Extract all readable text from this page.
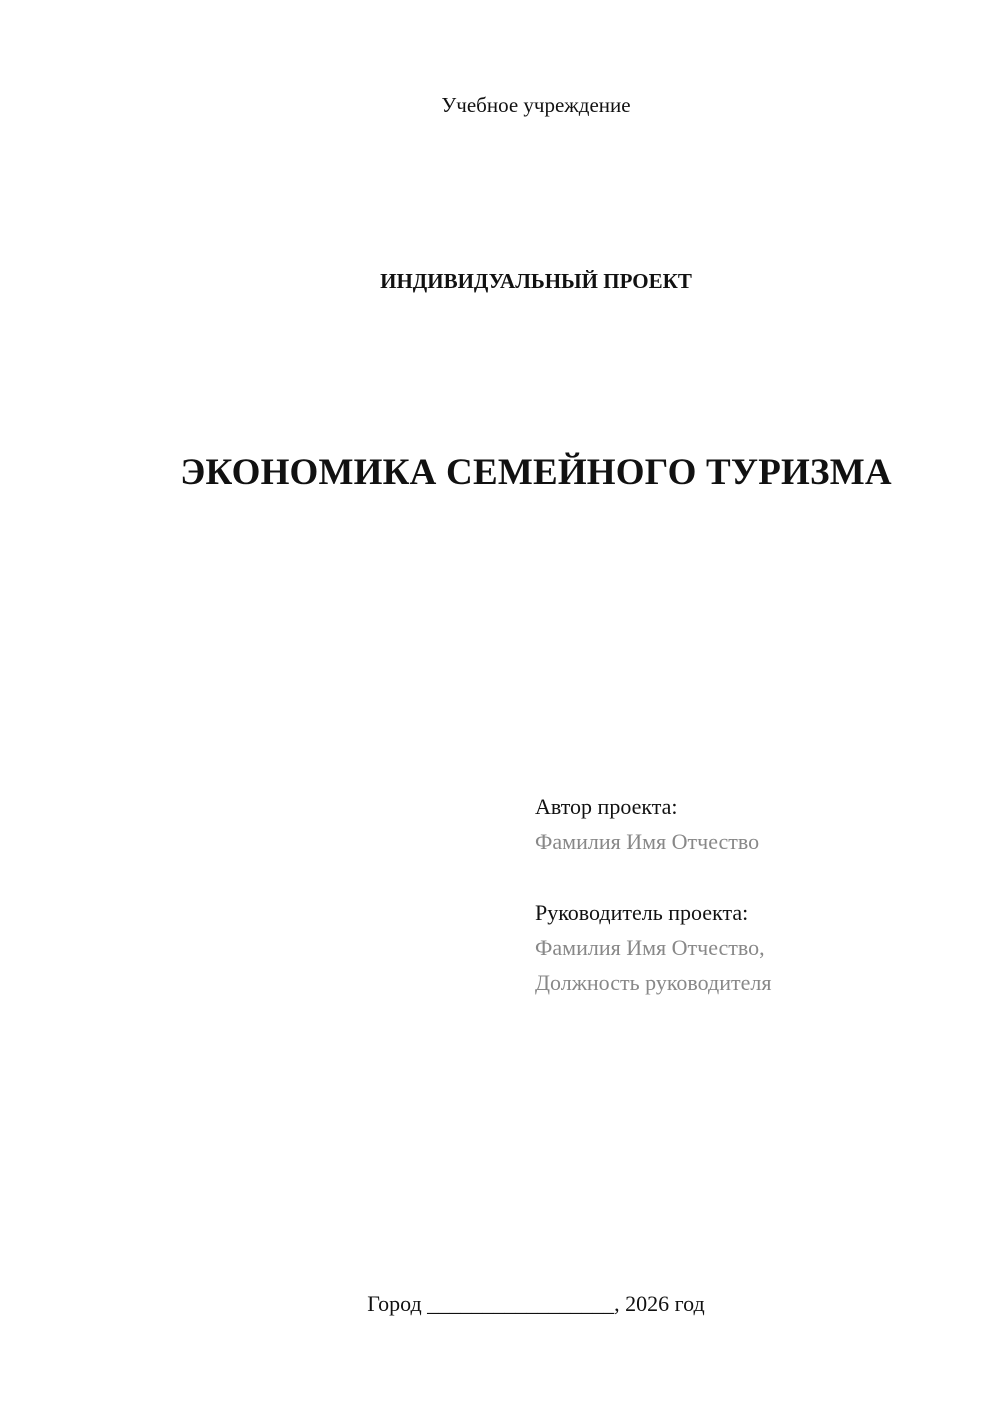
Учебное учреждение
ИНДИВИДУАЛЬНЫЙ ПРОЕКТ
ЭКОНОМИКА СЕМЕЙНОГО ТУРИЗМА
Автор проекта:
Фамилия Имя Отчество
Руководитель проекта:
Фамилия Имя Отчество,
Должность руководителя
Город _________________, 2026 год
